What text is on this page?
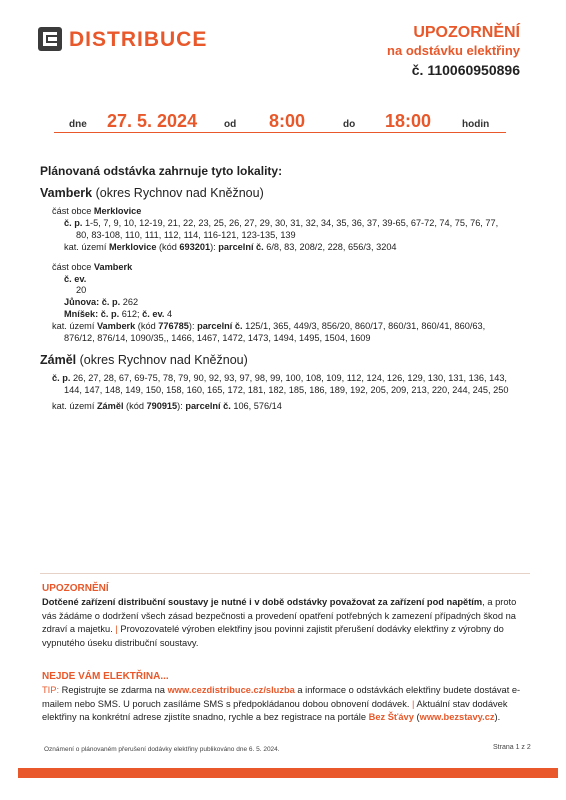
DISTRIBUCE	UPOZORNĚNÍ
na odstávku elektřiny
č. 110060950896
dne 27. 5. 2024	od 8:00	do 18:00	hodin
Plánovaná odstávka zahrnuje tyto lokality:
Vamberk (okres Rychnov nad Kněžnou)
část obce Merklovice
č. p. 1-5, 7, 9, 10, 12-19, 21, 22, 23, 25, 26, 27, 29, 30, 31, 32, 34, 35, 36, 37, 39-65, 67-72, 74, 75, 76, 77,
80, 83-108, 110, 111, 112, 114, 116-121, 123-135, 139
kat. území Merklovice (kód 693201): parcelní č. 6/8, 83, 208/2, 228, 656/3, 3204
část obce Vamberk
č. ev.
20
Jůnova: č. p. 262
Mníšek: č. p. 612; č. ev. 4
kat. území Vamberk (kód 776785): parcelní č. 125/1, 365, 449/3, 856/20, 860/17, 860/31, 860/41, 860/63,
876/12, 876/14, 1090/35,, 1466, 1467, 1472, 1473, 1494, 1495, 1504, 1609
Záměl (okres Rychnov nad Kněžnou)
č. p. 26, 27, 28, 67, 69-75, 78, 79, 90, 92, 93, 97, 98, 99, 100, 108, 109, 112, 124, 126, 129, 130, 131, 136, 143,
144, 147, 148, 149, 150, 158, 160, 165, 172, 181, 182, 185, 186, 189, 192, 205, 209, 213, 220, 244, 245, 250
kat. území Záměl (kód 790915): parcelní č. 106, 576/14
UPOZORNĚNÍ
Dotčené zařízení distribuční soustavy je nutné i v době odstávky považovat za zařízení pod napětím, a proto vás žádáme o dodržení všech zásad bezpečnosti a provedení opatření potřebných k zamezení případných škod na zdraví a majetku. | Provozovatelé výroben elektřiny jsou povinni zajistit přerušení dodávky elektřiny z výrobny do vypnutého úseku distribuční soustavy.
NEJDE VÁM ELEKTŘINA...
TIP: Registrujte se zdarma na www.cezdistribuce.cz/sluzba a informace o odstávkách elektřiny budete dostávat e-mailem nebo SMS. U poruch zasíláme SMS s předpokládanou dobou obnovení dodávek. | Aktuální stav dodávek elektřiny na konkrétní adrese zjistíte snadno, rychle a bez registrace na portále Bez Šťávy (www.bezstavy.cz).
Oznámení o plánovaném přerušení dodávky elektřiny publikováno dne 6. 5. 2024.	Strana 1 z 2
